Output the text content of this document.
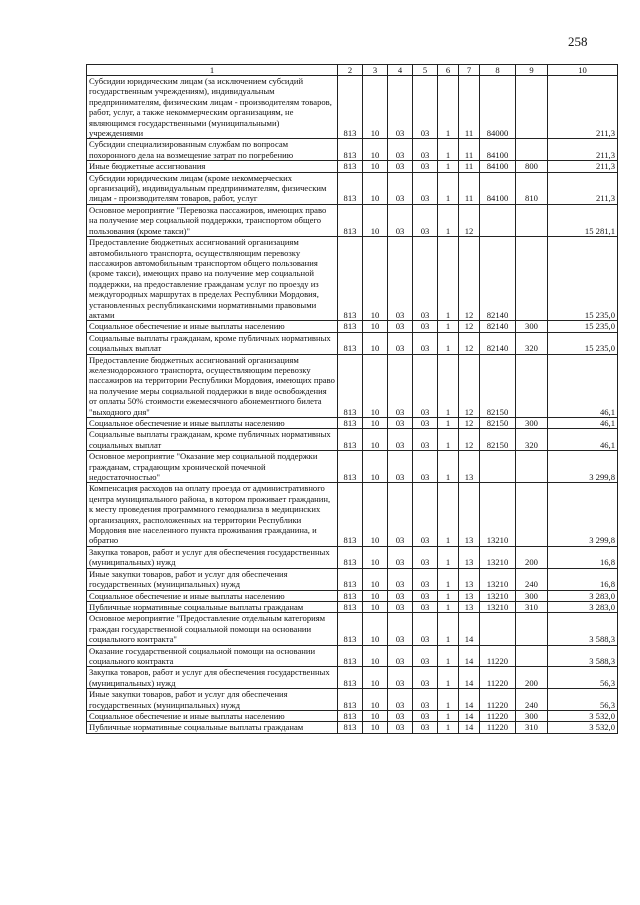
258
1	2	3	4	5	6	7	8	9	10
Субсидии юридическим лицам (за исключением субсидий государственным учреждениям), индивидуальным предпринимателям, физическим лицам - производителям товаров, работ, услуг, а также некоммерческим организациям, не являющимся государственными (муниципальными) учреждениями	813	10	03	03	1	11	84000		211,3
Субсидии специализированным службам по вопросам похоронного дела на возмещение затрат по погребению	813	10	03	03	1	11	84100		211,3
Иные бюджетные ассигнования	813	10	03	03	1	11	84100	800	211,3
Субсидии юридическим лицам (кроме некоммерческих организаций), индивидуальным предпринимателям, физическим лицам - производителям товаров, работ, услуг	813	10	03	03	1	11	84100	810	211,3
Основное мероприятие "Перевозка пассажиров, имеющих право на получение мер социальной поддержки, транспортом общего пользования (кроме такси)"	813	10	03	03	1	12			15 281,1
Предоставление бюджетных ассигнований организациям автомобильного транспорта, осуществляющим перевозку пассажиров автомобильным транспортом общего пользования (кроме такси), имеющих право на получение мер социальной поддержки, на предоставление гражданам услуг по проезду из междугородных маршрутах в пределах Республики Мордовия, установленных республиканскими нормативными правовыми актами	813	10	03	03	1	12	82140		15 235,0
Социальное обеспечение и иные выплаты населению	813	10	03	03	1	12	82140	300	15 235,0
Социальные выплаты гражданам, кроме публичных нормативных социальных выплат	813	10	03	03	1	12	82140	320	15 235,0
Предоставление бюджетных ассигнований организациям железнодорожного транспорта, осуществляющим перевозку пассажиров на территории Республики Мордовия, имеющих право на получение меры социальной поддержки в виде освобождения от оплаты 50% стоимости ежемесячного абонементного билета "выходного дня"	813	10	03	03	1	12	82150		46,1
Социальное обеспечение и иные выплаты населению	813	10	03	03	1	12	82150	300	46,1
Социальные выплаты гражданам, кроме публичных нормативных социальных выплат	813	10	03	03	1	12	82150	320	46,1
Основное мероприятие "Оказание мер социальной поддержки гражданам, страдающим хронической почечной недостаточностью"	813	10	03	03	1	13			3 299,8
Компенсация расходов на оплату проезда от административного центра муниципального района, в котором проживает гражданин, к месту проведения программного гемодиализа в медицинских организациях, расположенных на территории Республики Мордовия вне населенного пункта проживания гражданина, и обратно	813	10	03	03	1	13	13210		3 299,8
Закупка товаров, работ и услуг для обеспечения государственных (муниципальных) нужд	813	10	03	03	1	13	13210	200	16,8
Иные закупки товаров, работ и услуг для обеспечения государственных (муниципальных) нужд	813	10	03	03	1	13	13210	240	16,8
Социальное обеспечение и иные выплаты населению	813	10	03	03	1	13	13210	300	3 283,0
Публичные нормативные социальные выплаты гражданам	813	10	03	03	1	13	13210	310	3 283,0
Основное мероприятие "Предоставление отдельным категориям граждан государственной социальной помощи на основании социального контракта"	813	10	03	03	1	14			3 588,3
Оказание государственной социальной помощи на основании социального контракта	813	10	03	03	1	14	11220		3 588,3
Закупка товаров, работ и услуг для обеспечения государственных (муниципальных) нужд	813	10	03	03	1	14	11220	200	56,3
Иные закупки товаров, работ и услуг для обеспечения государственных (муниципальных) нужд	813	10	03	03	1	14	11220	240	56,3
Социальное обеспечение и иные выплаты населению	813	10	03	03	1	14	11220	300	3 532,0
Публичные нормативные социальные выплаты гражданам	813	10	03	03	1	14	11220	310	3 532,0
